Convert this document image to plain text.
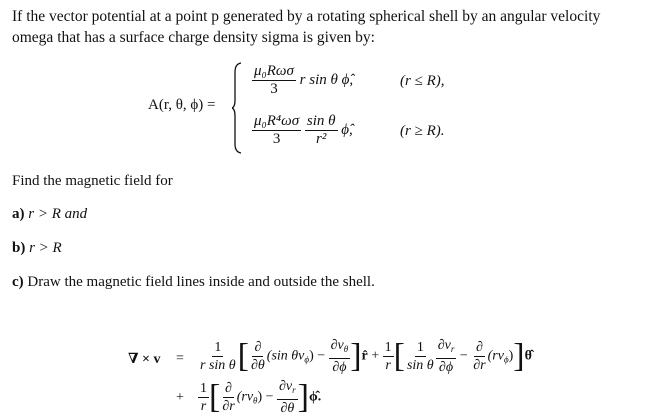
If the vector potential at a point p generated by a rotating spherical shell by an angular velocity omega that has a surface charge density sigma is given by:
A(r, θ, ϕ) =
$\frac{\text{μ₀Rωσ}}{3}$ r sin θ ϕ̂,	(r ≤ R),
$\frac{\text{μ₀R⁴ωσ}}{3}$
$\frac{\text{sin θ}}{\text{r²}}$ ϕ̂,	(r ≥ R).
Find the magnetic field for
a) r > R and
b) r > R
c) Draw the magnetic field lines inside and outside the shell.
∇ × v =
+
$\frac{1}{\text{r sin θ}}$ [ $\frac{\partial}{\partial\theta} (\sin$ $\theta v_\phi) - \frac{\partial v_\theta}{\partial\phi}$ ]r̂ + $\frac{1}{r}$ [ $\frac{1}{\text{sin θ}} \frac{\partial v_r}{\partial\phi} - \frac{\partial}{\partial r}$ $(rv_\phi)]\thetâ$
$\frac{1}{r}$ [ $\frac{\partial}{\partial r} (rv_\theta) - \frac{\partial v_r}{\partial\theta}$ ]ϕ̂.
